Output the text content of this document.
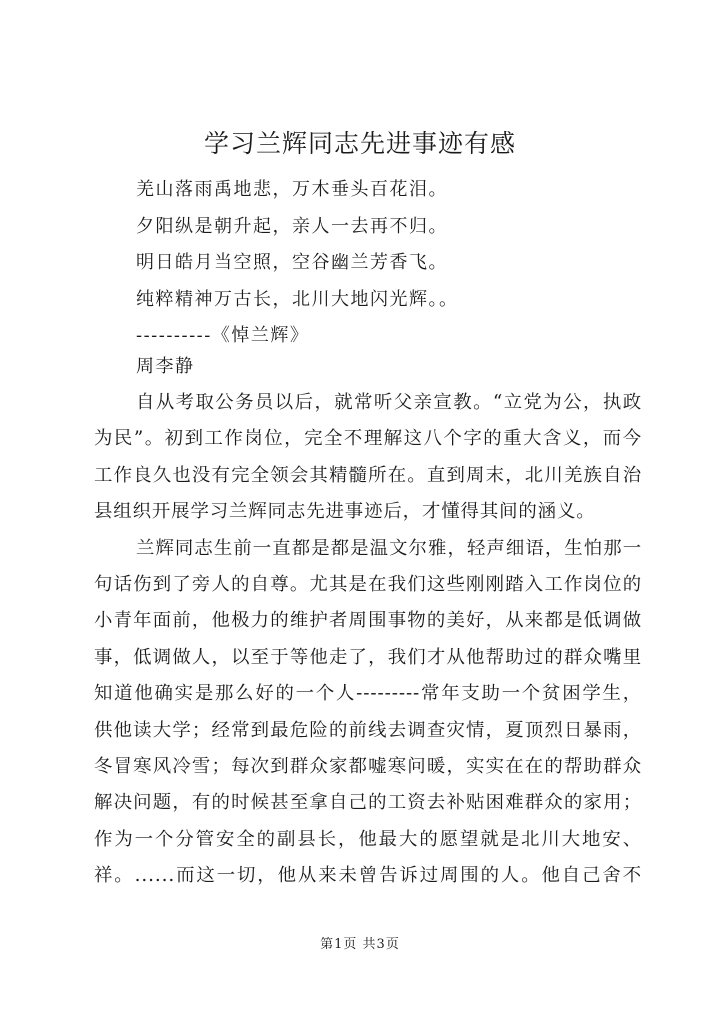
学习兰辉同志先进事迹有感
羌山落雨禹地悲，万木垂头百花泪。
夕阳纵是朝升起，亲人一去再不归。
明日皓月当空照，空谷幽兰芳香飞。
纯粹精神万古长，北川大地闪光辉。。
----------《悼兰辉》
周李静
自从考取公务员以后，就常听父亲宣教。“立党为公，执政
为民”。初到工作岗位，完全不理解这八个字的重大含义，而今
工作良久也没有完全领会其精髓所在。直到周末，北川羌族自治
县组织开展学习兰辉同志先进事迹后，才懂得其间的涵义。
兰辉同志生前一直都是都是温文尔雅，轻声细语，生怕那一
句话伤到了旁人的自尊。尤其是在我们这些刚刚踏入工作岗位的
小青年面前，他极力的维护者周围事物的美好，从来都是低调做
事，低调做人，以至于等他走了，我们才从他帮助过的群众嘴里
知道他确实是那么好的一个人---------常年支助一个贫困学生，
供他读大学；经常到最危险的前线去调查灾情，夏顶烈日暴雨，
冬冒寒风冷雪；每次到群众家都嘘寒问暖，实实在在的帮助群众
解决问题，有的时候甚至拿自己的工资去补贴困难群众的家用；
作为一个分管安全的副县长，他最大的愿望就是北川大地安、
祥。......而这一切，他从来未曾告诉过周围的人。他自己舍不
第1页 共3页
